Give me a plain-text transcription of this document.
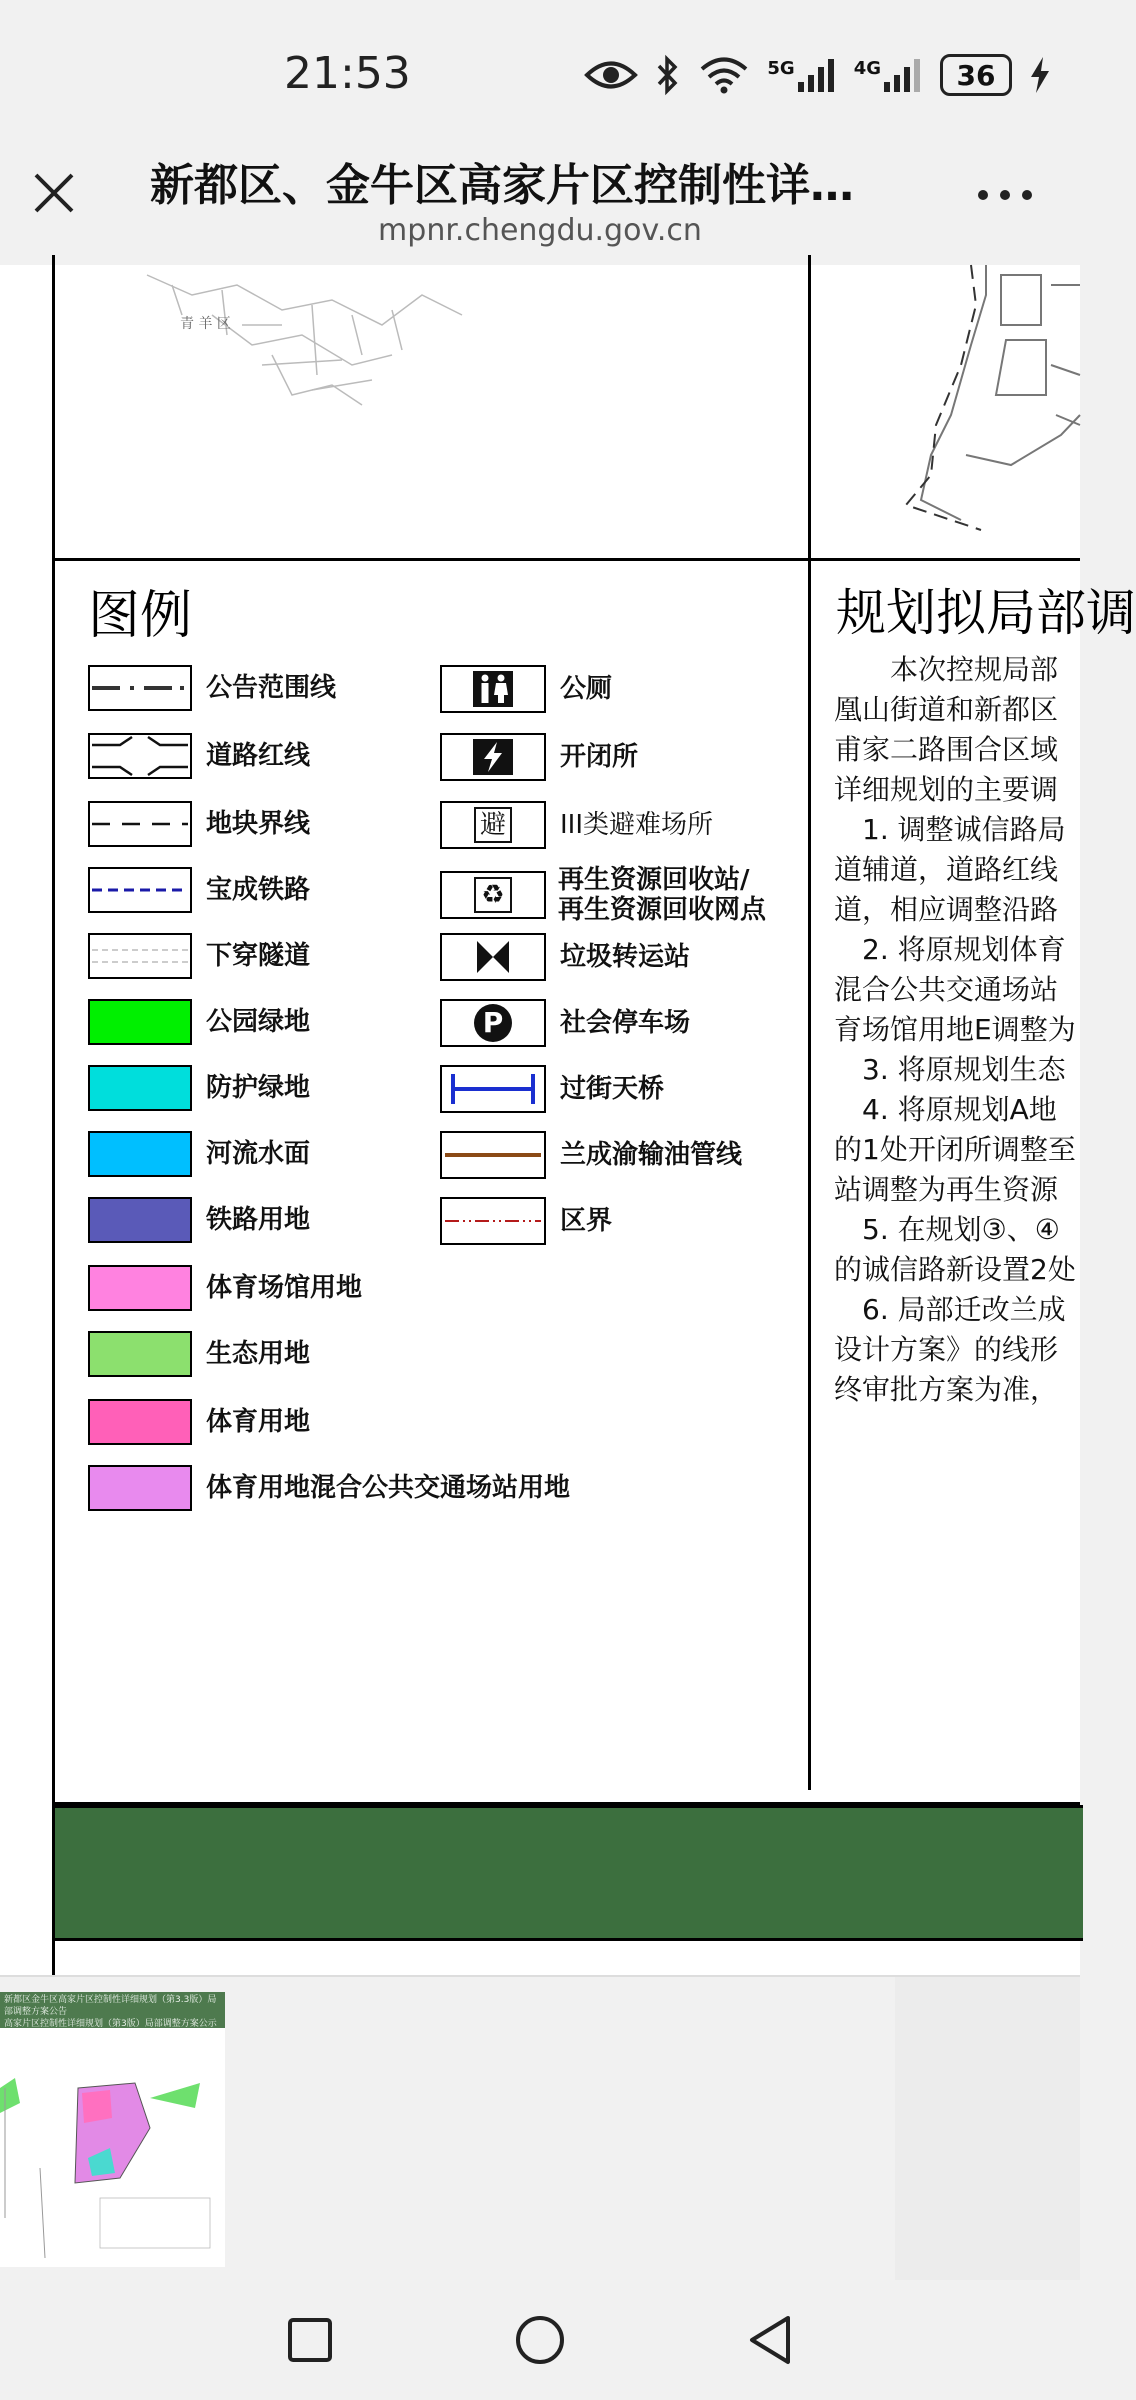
21:53	5G	4G	36
新都区、金牛区高家片区控制性详…
mpnr.chengdu.gov.cn
青 羊 区
图例
公告范围线
道路红线
地块界线
宝成铁路
下穿隧道
公园绿地
防护绿地
河流水面
铁路用地
体育场馆用地
生态用地
体育用地
体育用地混合公共交通场站用地
公厕
开闭所
避 III类避难场所
♻ 再生资源回收站/
再生资源回收网点
垃圾转运站
P	社会停车场
过街天桥
兰成渝输油管线
区界
规划拟局部调
　　本次控规局部
凰山街道和新都区
甫家二路围合区域
详细规划的主要调
　1. 调整诚信路局
道辅道，道路红线
道，相应调整沿路
　2. 将原规划体育
混合公共交通场站
育场馆用地E调整为
　3. 将原规划生态
　4. 将原规划A地
的1处开闭所调整至
站调整为再生资源
　5. 在规划③、④
的诚信路新设置2处
　6. 局部迁改兰成
设计方案》的线形
终审批方案为准，
新都区金牛区高家片区控制性详细规划（第3.3版）局部调整方案公告
高家片区控制性详细规划（第3版）局部调整方案公示
